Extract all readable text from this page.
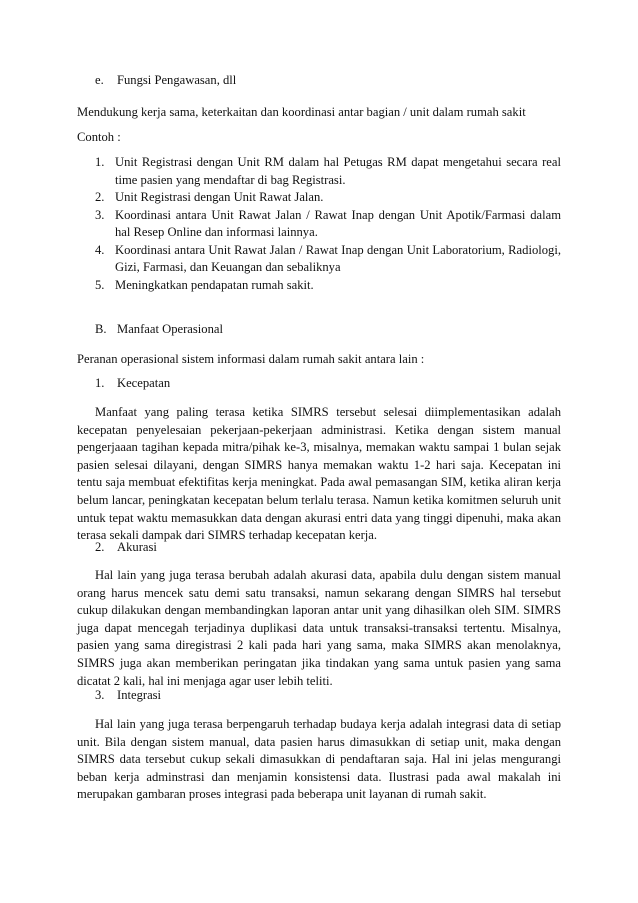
e. Fungsi Pengawasan, dll

Mendukung kerja sama, keterkaitan dan koordinasi antar bagian / unit dalam rumah sakit

Contoh :

1. Unit Registrasi dengan Unit RM dalam hal Petugas RM dapat mengetahui secara real time pasien yang mendaftar di bag Registrasi.
2. Unit Registrasi dengan Unit Rawat Jalan.
3. Koordinasi antara Unit Rawat Jalan / Rawat Inap dengan Unit Apotik/Farmasi dalam hal Resep Online dan informasi lainnya.
4. Koordinasi antara Unit Rawat Jalan / Rawat Inap dengan Unit Laboratorium, Radiologi, Gizi, Farmasi, dan Keuangan dan sebaliknya
5. Meningkatkan pendapatan rumah sakit.
B. Manfaat Operasional

Peranan operasional sistem informasi dalam rumah sakit antara lain :

1. Kecepatan

Manfaat yang paling terasa ketika SIMRS tersebut selesai diimplementasikan adalah kecepatan penyelesaian pekerjaan-pekerjaan administrasi. Ketika dengan sistem manual pengerjaaan tagihan kepada mitra/pihak ke-3, misalnya, memakan waktu sampai 1 bulan sejak pasien selesai dilayani, dengan SIMRS hanya memakan waktu 1-2 hari saja. Kecepatan ini tentu saja membuat efektifitas kerja meningkat. Pada awal pemasangan SIM, ketika aliran kerja belum lancar, peningkatan kecepatan belum terlalu terasa. Namun ketika komitmen seluruh unit untuk tepat waktu memasukkan data dengan akurasi entri data yang tinggi dipenuhi, maka akan terasa sekali dampak dari SIMRS terhadap kecepatan kerja.

2. Akurasi

Hal lain yang juga terasa berubah adalah akurasi data, apabila dulu dengan sistem manual orang harus mencek satu demi satu transaksi, namun sekarang dengan SIMRS hal tersebut cukup dilakukan dengan membandingkan laporan antar unit yang dihasilkan oleh SIM. SIMRS juga dapat mencegah terjadinya duplikasi data untuk transaksi-transaksi tertentu. Misalnya, pasien yang sama diregistrasi 2 kali pada hari yang sama, maka SIMRS akan menolaknya, SIMRS juga akan memberikan peringatan jika tindakan yang sama untuk pasien yang sama dicatat 2 kali, hal ini menjaga agar user lebih teliti.

3. Integrasi

Hal lain yang juga terasa berpengaruh terhadap budaya kerja adalah integrasi data di setiap unit. Bila dengan sistem manual, data pasien harus dimasukkan di setiap unit, maka dengan SIMRS data tersebut cukup sekali dimasukkan di pendaftaran saja. Hal ini jelas mengurangi beban kerja adminstrasi dan menjamin konsistensi data. Ilustrasi pada awal makalah ini merupakan gambaran proses integrasi pada beberapa unit layanan di rumah sakit.
